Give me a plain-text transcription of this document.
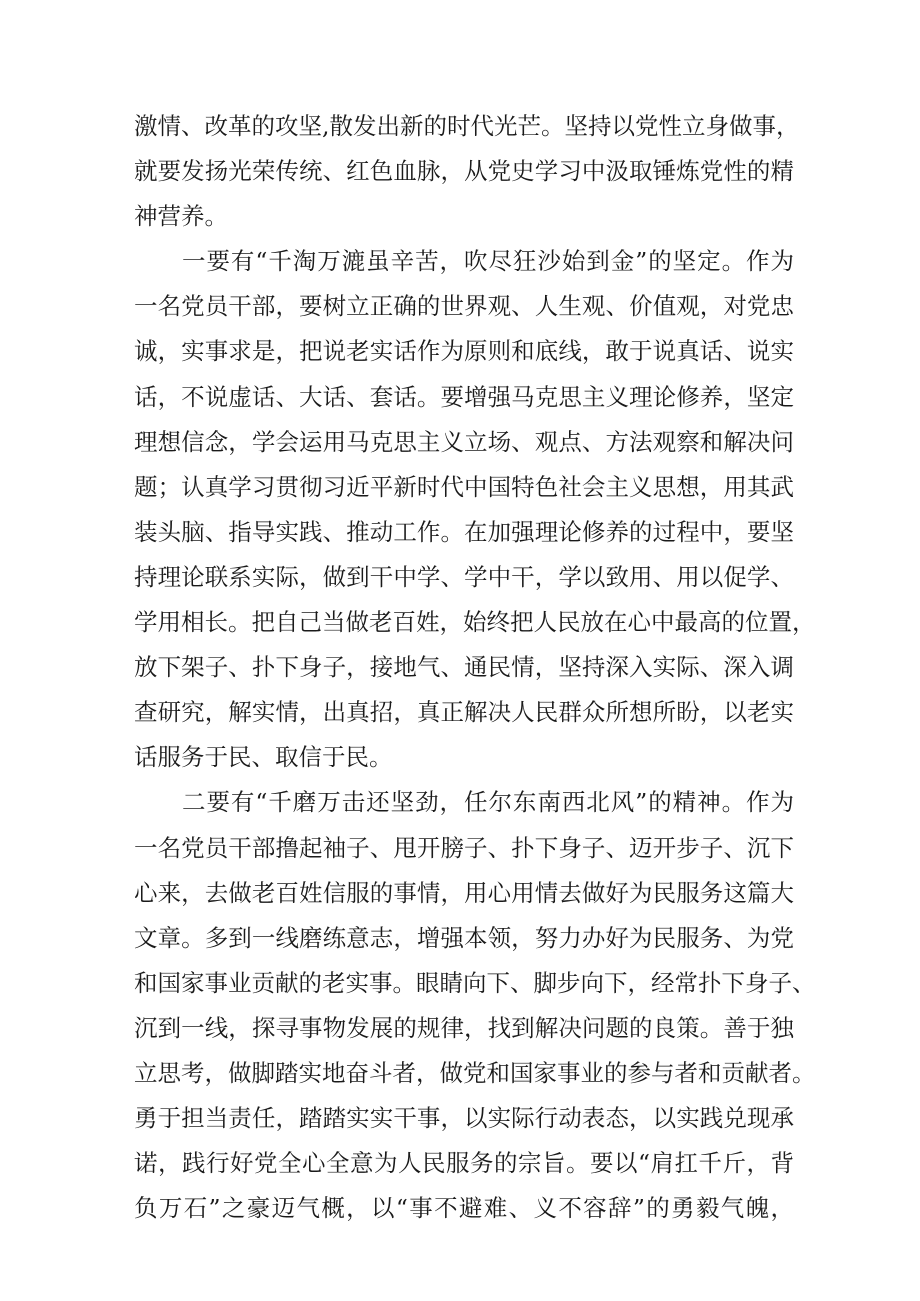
激情、改革的攻坚,散发出新的时代光芒。坚持以党性立身做事，
就要发扬光荣传统、红色血脉，从党史学习中汲取锤炼党性的精
神营养。
一要有“千淘万漉虽辛苦，吹尽狂沙始到金”的坚定。作为
一名党员干部，要树立正确的世界观、人生观、价值观，对党忠
诚，实事求是，把说老实话作为原则和底线，敢于说真话、说实
话，不说虚话、大话、套话。要增强马克思主义理论修养，坚定
理想信念，学会运用马克思主义立场、观点、方法观察和解决问
题；认真学习贯彻习近平新时代中国特色社会主义思想，用其武
装头脑、指导实践、推动工作。在加强理论修养的过程中，要坚
持理论联系实际，做到干中学、学中干，学以致用、用以促学、
学用相长。把自己当做老百姓，始终把人民放在心中最高的位置，
放下架子、扑下身子，接地气、通民情，坚持深入实际、深入调
查研究，解实情，出真招，真正解决人民群众所想所盼，以老实
话服务于民、取信于民。
二要有“千磨万击还坚劲，任尔东南西北风”的精神。作为
一名党员干部撸起袖子、甩开膀子、扑下身子、迈开步子、沉下
心来，去做老百姓信服的事情，用心用情去做好为民服务这篇大
文章。多到一线磨练意志，增强本领，努力办好为民服务、为党
和国家事业贡献的老实事。眼睛向下、脚步向下，经常扑下身子、
沉到一线，探寻事物发展的规律，找到解决问题的良策。善于独
立思考，做脚踏实地奋斗者，做党和国家事业的参与者和贡献者。
勇于担当责任，踏踏实实干事，以实际行动表态，以实践兑现承
诺，践行好党全心全意为人民服务的宗旨。要以“肩扛千斤，背
负万石”之豪迈气概，以“事不避难、义不容辞”的勇毅气魄，
